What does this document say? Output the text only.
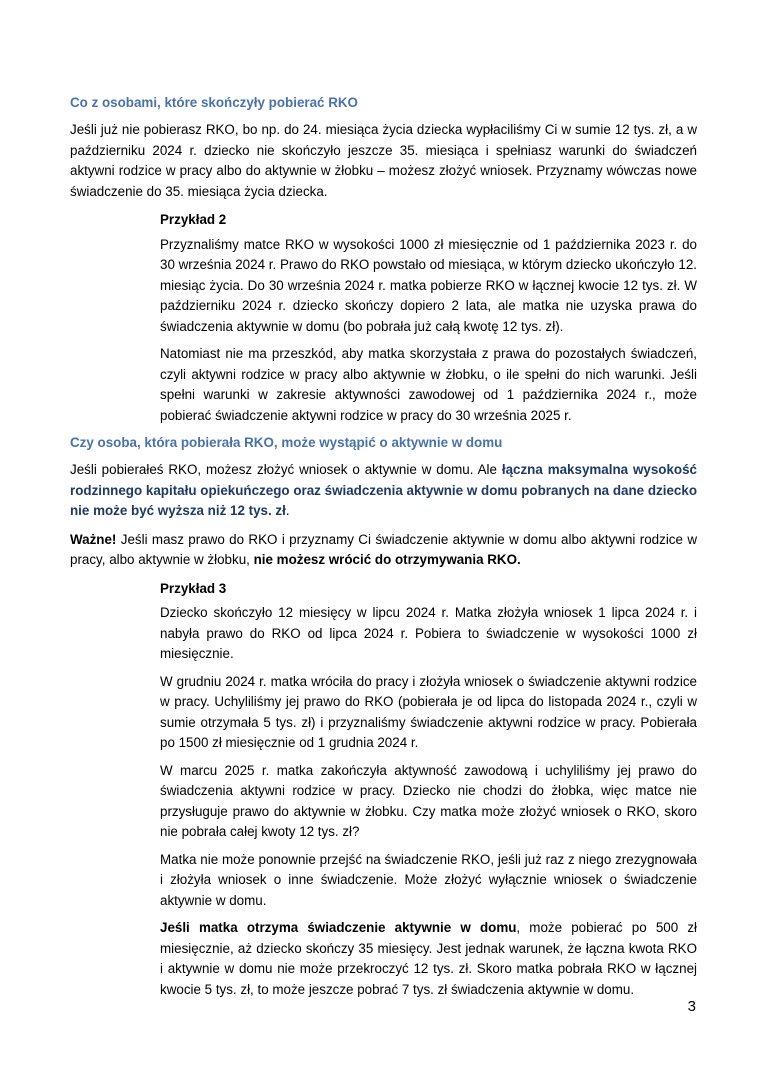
Co z osobami, które skończyły pobierać RKO

Jeśli już nie pobierasz RKO, bo np. do 24. miesiąca życia dziecka wypłaciliśmy Ci w sumie 12 tys. zł, a w październiku 2024 r. dziecko nie skończyło jeszcze 35. miesiąca i spełniasz warunki do świadczeń aktywni rodzice w pracy albo do aktywnie w żłobku – możesz złożyć wniosek. Przyznamy wówczas nowe świadczenie do 35. miesiąca życia dziecka.

Przykład 2

Przyznaliśmy matce RKO w wysokości 1000 zł miesięcznie od 1 października 2023 r. do 30 września 2024 r. Prawo do RKO powstało od miesiąca, w którym dziecko ukończyło 12. miesiąc życia. Do 30 września 2024 r. matka pobierze RKO w łącznej kwocie 12 tys. zł. W październiku 2024 r. dziecko skończy dopiero 2 lata, ale matka nie uzyska prawa do świadczenia aktywnie w domu (bo pobrała już całą kwotę 12 tys. zł).

Natomiast nie ma przeszkód, aby matka skorzystała z prawa do pozostałych świadczeń, czyli aktywni rodzice w pracy albo aktywnie w żłobku, o ile spełni do nich warunki. Jeśli spełni warunki w zakresie aktywności zawodowej od 1 października 2024 r., może pobierać świadczenie aktywni rodzice w pracy do 30 września 2025 r.

Czy osoba, która pobierała RKO, może wystąpić o aktywnie w domu

Jeśli pobierałeś RKO, możesz złożyć wniosek o aktywnie w domu. Ale łączna maksymalna wysokość rodzinnego kapitału opiekuńczego oraz świadczenia aktywnie w domu pobranych na dane dziecko nie może być wyższa niż 12 tys. zł.

Ważne! Jeśli masz prawo do RKO i przyznamy Ci świadczenie aktywnie w domu albo aktywni rodzice w pracy, albo aktywnie w żłobku, nie możesz wrócić do otrzymywania RKO.

Przykład 3

Dziecko skończyło 12 miesięcy w lipcu 2024 r. Matka złożyła wniosek 1 lipca 2024 r. i nabyła prawo do RKO od lipca 2024 r. Pobiera to świadczenie w wysokości 1000 zł miesięcznie.

W grudniu 2024 r. matka wróciła do pracy i złożyła wniosek o świadczenie aktywni rodzice w pracy. Uchyliliśmy jej prawo do RKO (pobierała je od lipca do listopada 2024 r., czyli w sumie otrzymała 5 tys. zł) i przyznaliśmy świadczenie aktywni rodzice w pracy. Pobierała po 1500 zł miesięcznie od 1 grudnia 2024 r.

W marcu 2025 r. matka zakończyła aktywność zawodową i uchyliliśmy jej prawo do świadczenia aktywni rodzice w pracy. Dziecko nie chodzi do żłobka, więc matce nie przysługuje prawo do aktywnie w żłobku. Czy matka może złożyć wniosek o RKO, skoro nie pobrała całej kwoty 12 tys. zł?

Matka nie może ponownie przejść na świadczenie RKO, jeśli już raz z niego zrezygnowała i złożyła wniosek o inne świadczenie. Może złożyć wyłącznie wniosek o świadczenie aktywnie w domu.

Jeśli matka otrzyma świadczenie aktywnie w domu, może pobierać po 500 zł miesięcznie, aż dziecko skończy 35 miesięcy. Jest jednak warunek, że łączna kwota RKO i aktywnie w domu nie może przekroczyć 12 tys. zł. Skoro matka pobrała RKO w łącznej kwocie 5 tys. zł, to może jeszcze pobrać 7 tys. zł świadczenia aktywnie w domu.

3
